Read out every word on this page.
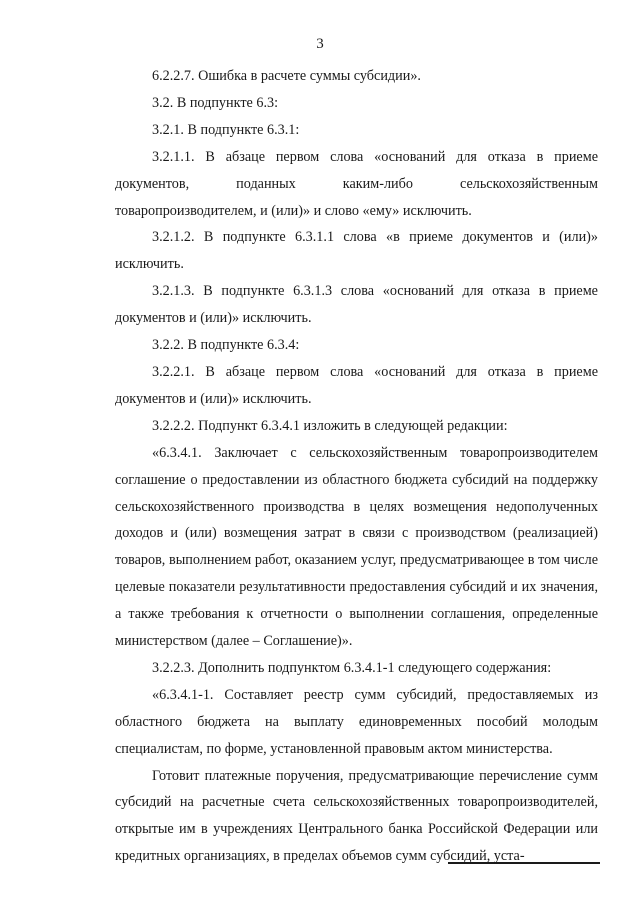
3

6.2.2.7. Ошибка в расчете суммы субсидии».

3.2. В подпункте 6.3:

3.2.1. В подпункте 6.3.1:

3.2.1.1. В абзаце первом слова «оснований для отказа в приеме документов, поданных каким-либо сельскохозяйственным товаропроизводителем, и (или)» и слово «ему» исключить.

3.2.1.2. В подпункте 6.3.1.1 слова «в приеме документов и (или)» исключить.

3.2.1.3. В подпункте 6.3.1.3 слова «оснований для отказа в приеме документов и (или)» исключить.

3.2.2. В подпункте 6.3.4:

3.2.2.1. В абзаце первом слова «оснований для отказа в приеме документов и (или)» исключить.

3.2.2.2. Подпункт 6.3.4.1 изложить в следующей редакции:

«6.3.4.1. Заключает с сельскохозяйственным товаропроизводителем соглашение о предоставлении из областного бюджета субсидий на поддержку сельскохозяйственного производства в целях возмещения недополученных доходов и (или) возмещения затрат в связи с производством (реализацией) товаров, выполнением работ, оказанием услуг, предусматривающее в том числе целевые показатели результативности предоставления субсидий и их значения, а также требования к отчетности о выполнении соглашения, определенные министерством (далее – Соглашение)».

3.2.2.3. Дополнить подпунктом 6.3.4.1-1 следующего содержания:

«6.3.4.1-1. Составляет реестр сумм субсидий, предоставляемых из областного бюджета на выплату единовременных пособий молодым специалистам, по форме, установленной правовым актом министерства.

Готовит платежные поручения, предусматривающие перечисление сумм субсидий на расчетные счета сельскохозяйственных товаропроизводителей, открытые им в учреждениях Центрального банка Российской Федерации или кредитных организациях, в пределах объемов сумм субсидий, уста-
